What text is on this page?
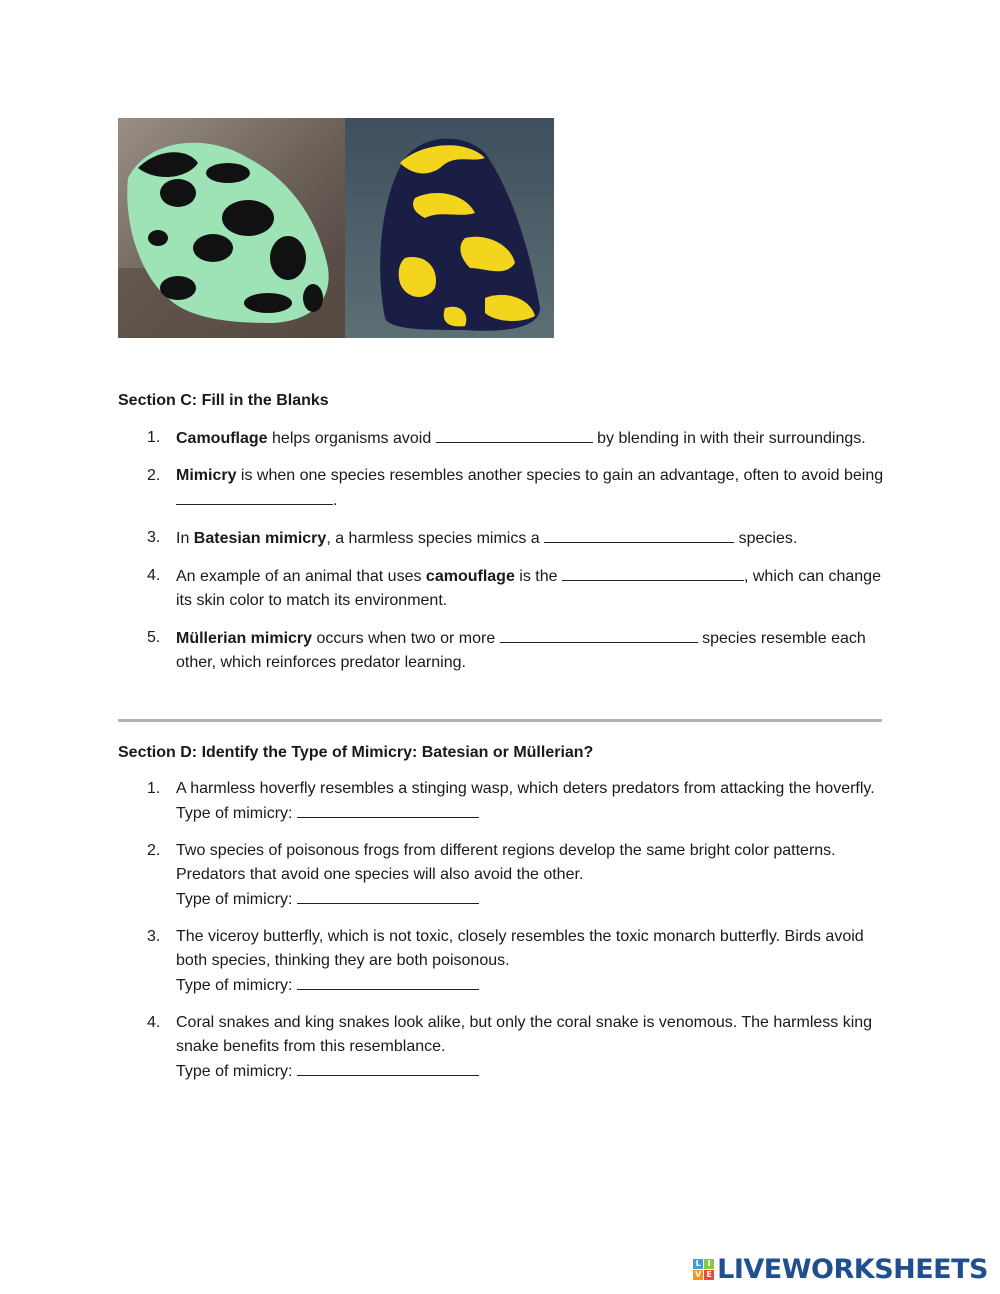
Section C: Fill in the Blanks
1. Camouflage helps organisms avoid	by blending in with their surroundings.
2. Mimicry is when one species resembles another species to gain an advantage, often to avoid being .
3. In Batesian mimicry, a harmless species mimics a	species.
4. An example of an animal that uses camouflage is the	, which can change its skin color to match its environment.
5. Müllerian mimicry occurs when two or more	species resemble each other, which reinforces predator learning.
Section D: Identify the Type of Mimicry: Batesian or Müllerian?
1. A harmless hoverfly resembles a stinging wasp, which deters predators from attacking the hoverfly.
Type of mimicry:
2. Two species of poisonous frogs from different regions develop the same bright color patterns. Predators that avoid one species will also avoid the other.
Type of mimicry:
3. The viceroy butterfly, which is not toxic, closely resembles the toxic monarch butterfly. Birds avoid both species, thinking they are both poisonous.
Type of mimicry:
4. Coral snakes and king snakes look alike, but only the coral snake is venomous. The harmless king snake benefits from this resemblance.
Type of mimicry:
L I
V E LIVEWORKSHEETS
